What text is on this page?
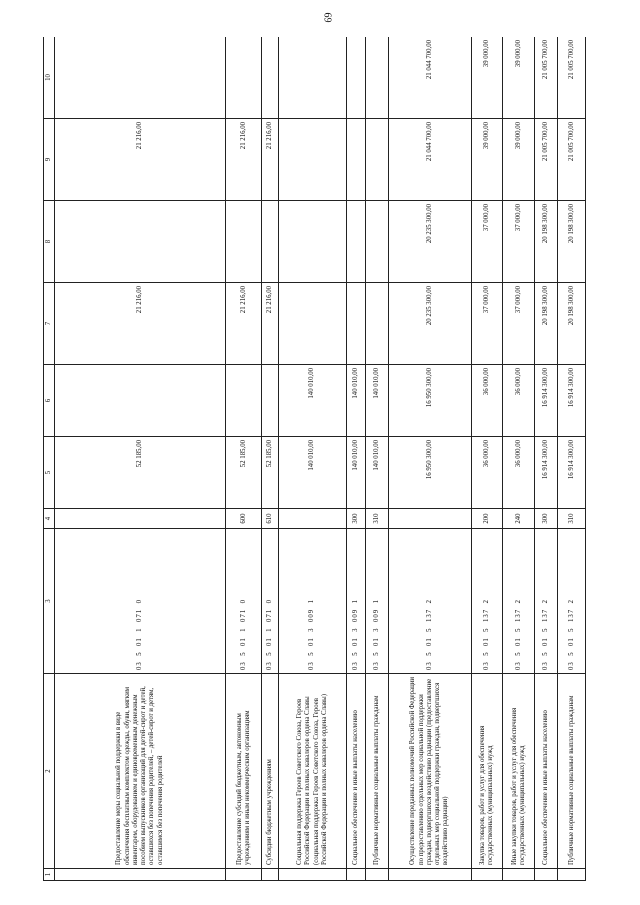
69
1	2	3	4	5	6	7	8	9	10
	Предоставление меры социальной поддержки в виде обеспечения бесплатным комплектом одежды, обуви, мягким инвентарем, оборудованием и единовременным денежным пособием выпускников организаций для детей-сирот и детей, оставшихся без попечения родителей, – детей-сирот и детям, оставшимся без попечения родителей	03  5  01  1  071  0		52 185,00		21 216,00		21 216,00	
	Предоставление субсидий бюджетным, автономным учреждениям и иным некоммерческим организациям	03  5  01  1  071  0	600	52 185,00		21 216,00		21 216,00	
	Субсидии бюджетным учреждениям	03  5  01  1  071  0	610	52 185,00		21 216,00		21 216,00	
	Социальная поддержка Героев Советского Союза, Героев Российской Федерации и полных кавалеров ордена Славы (социальная поддержка Героев Советского Союза, Героев Российской Федерации и полных кавалеров ордена Славы)	03  5  01  3  009  1		140 010,00	140 010,00				
	Социальное обеспечение и иные выплаты населению	03  5  01  3  009  1	300	140 010,00	140 010,00				
	Публичные нормативные социальные выплаты гражданам	03  5  01  3  009  1	310	140 010,00	140 010,00				
	Осуществление переданных полномочий Российской Федерации по предоставлению отдельных мер социальной поддержки граждан, подвергшихся воздействию радиации (предоставление отдельных мер социальной поддержки граждан, подвергшихся воздействию радиации)	03  5  01  5  137  2		16 950 300,00	16 950 300,00	20 235 300,00	20 235 300,00	21 044 700,00	21 044 700,00
	Закупка товаров, работ и услуг для обеспечения государственных (муниципальных) нужд	03  5  01  5  137  2	200	36 000,00	36 000,00	37 000,00	37 000,00	39 000,00	39 000,00
	Иные закупки товаров, работ и услуг для обеспечения государственных (муниципальных) нужд	03  5  01  5  137  2	240	36 000,00	36 000,00	37 000,00	37 000,00	39 000,00	39 000,00
	Социальное обеспечение и иные выплаты населению	03  5  01  5  137  2	300	16 914 300,00	16 914 300,00	20 198 300,00	20 198 300,00	21 005 700,00	21 005 700,00
	Публичные нормативные социальные выплаты гражданам	03  5  01  5  137  2	310	16 914 300,00	16 914 300,00	20 198 300,00	20 198 300,00	21 005 700,00	21 005 700,00
